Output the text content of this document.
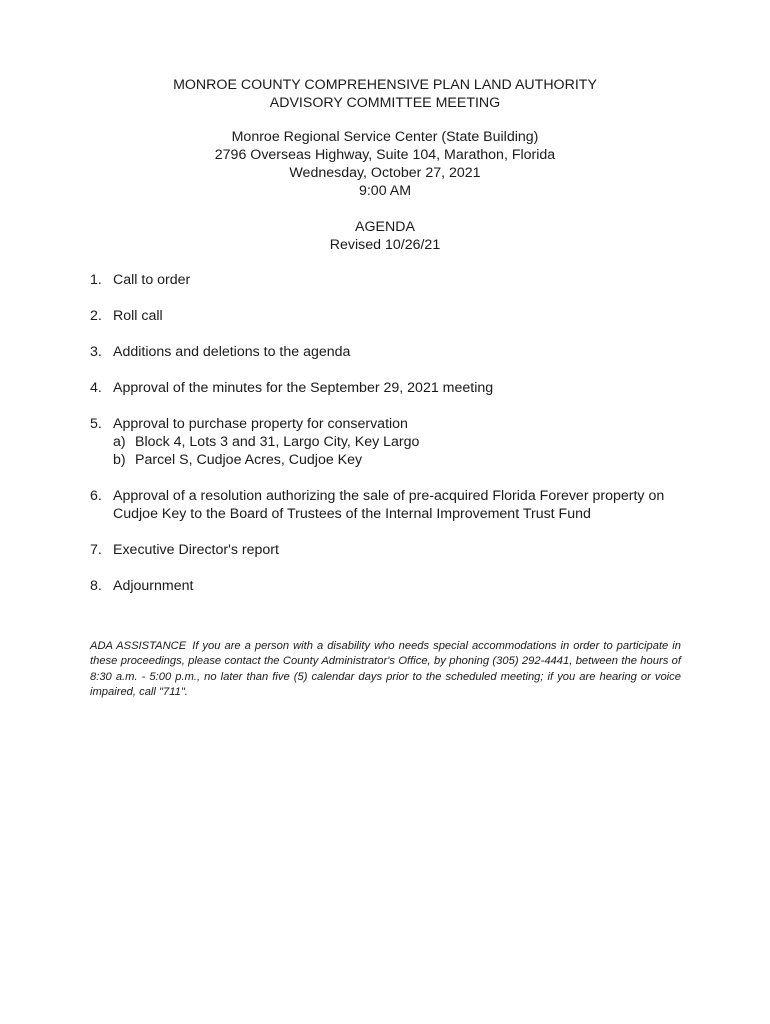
MONROE COUNTY COMPREHENSIVE PLAN LAND AUTHORITY
ADVISORY COMMITTEE MEETING
Monroe Regional Service Center (State Building)
2796 Overseas Highway, Suite 104, Marathon, Florida
Wednesday, October 27, 2021
9:00 AM
AGENDA
Revised 10/26/21
1. Call to order
2. Roll call
3. Additions and deletions to the agenda
4. Approval of the minutes for the September 29, 2021 meeting
5. Approval to purchase property for conservation
a) Block 4, Lots 3 and 31, Largo City, Key Largo
b) Parcel S, Cudjoe Acres, Cudjoe Key
6. Approval of a resolution authorizing the sale of pre-acquired Florida Forever property on Cudjoe Key to the Board of Trustees of the Internal Improvement Trust Fund
7. Executive Director's report
8. Adjournment

ADA ASSISTANCE If you are a person with a disability who needs special accommodations in order to participate in these proceedings, please contact the County Administrator's Office, by phoning (305) 292-4441, between the hours of 8:30 a.m. - 5:00 p.m., no later than five (5) calendar days prior to the scheduled meeting; if you are hearing or voice impaired, call "711".
